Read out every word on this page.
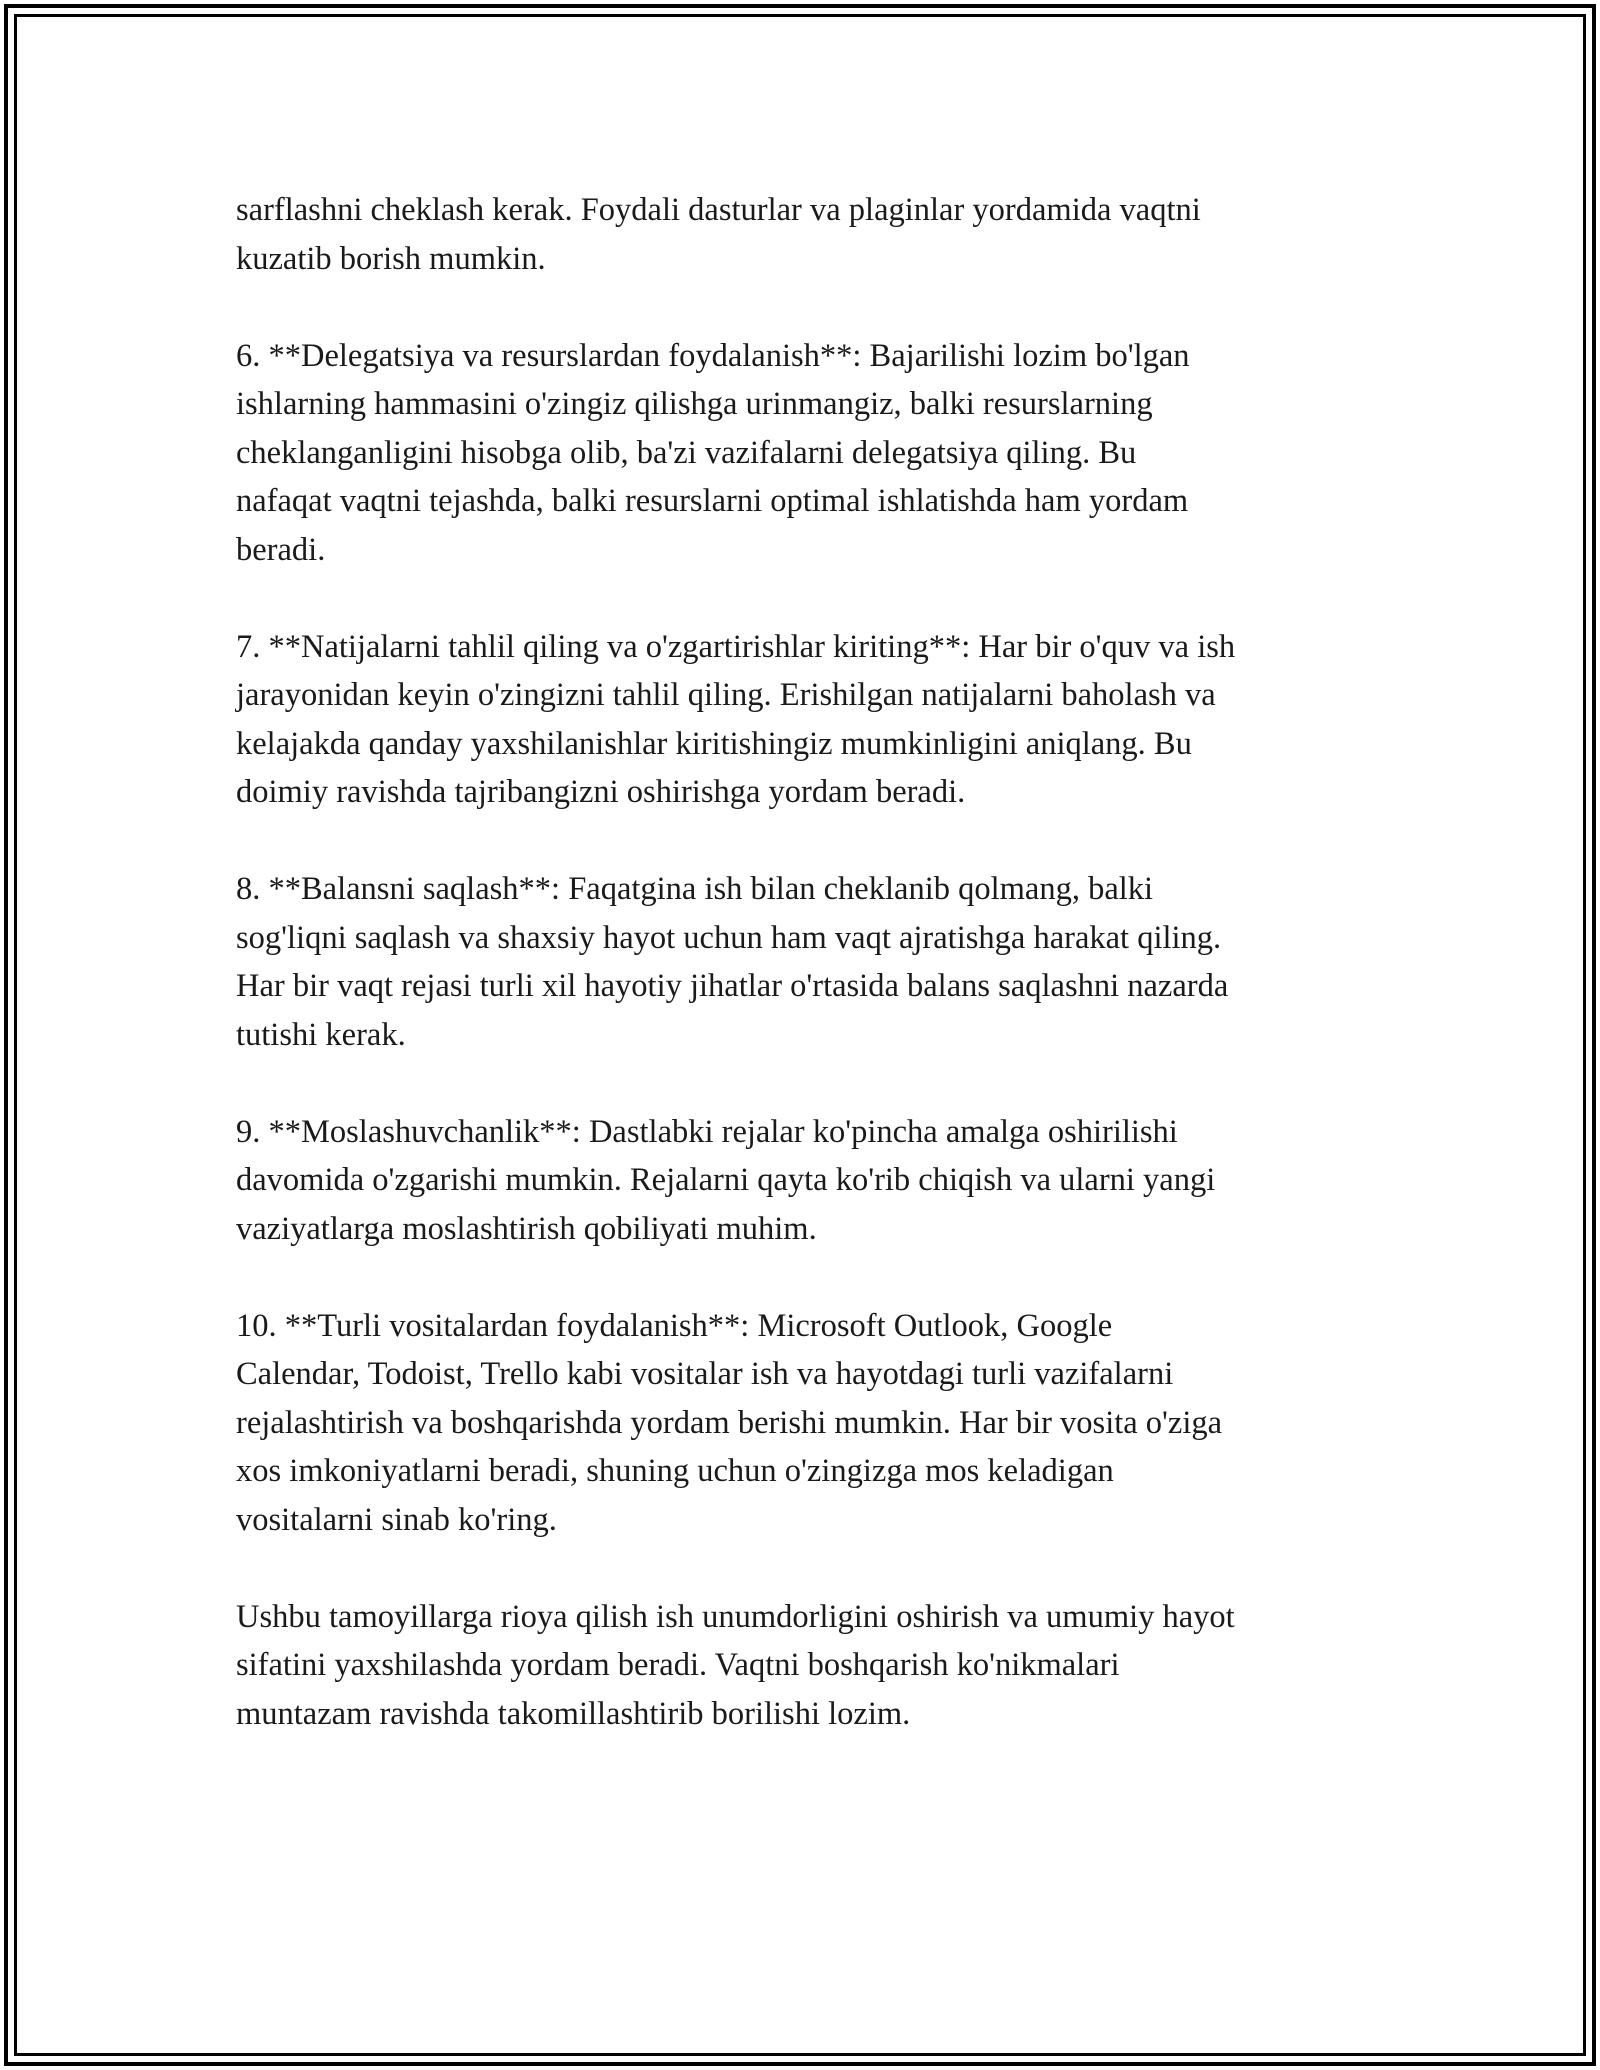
sarflashni cheklash kerak. Foydali dasturlar va plaginlar yordamida vaqtni
kuzatib borish mumkin.

6. **Delegatsiya va resurslardan foydalanish**: Bajarilishi lozim bo'lgan
ishlarning hammasini o'zingiz qilishga urinmangiz, balki resurslarning
cheklanganligini hisobga olib, ba'zi vazifalarni delegatsiya qiling. Bu
nafaqat vaqtni tejashda, balki resurslarni optimal ishlatishda ham yordam
beradi.

7. **Natijalarni tahlil qiling va o'zgartirishlar kiriting**: Har bir o'quv va ish
jarayonidan keyin o'zingizni tahlil qiling. Erishilgan natijalarni baholash va
kelajakda qanday yaxshilanishlar kiritishingiz mumkinligini aniqlang. Bu
doimiy ravishda tajribangizni oshirishga yordam beradi.

8. **Balansni saqlash**: Faqatgina ish bilan cheklanib qolmang, balki
sog'liqni saqlash va shaxsiy hayot uchun ham vaqt ajratishga harakat qiling.
Har bir vaqt rejasi turli xil hayotiy jihatlar o'rtasida balans saqlashni nazarda
tutishi kerak.

9. **Moslashuvchanlik**: Dastlabki rejalar ko'pincha amalga oshirilishi
davomida o'zgarishi mumkin. Rejalarni qayta ko'rib chiqish va ularni yangi
vaziyatlarga moslashtirish qobiliyati muhim.

10. **Turli vositalardan foydalanish**: Microsoft Outlook, Google
Calendar, Todoist, Trello kabi vositalar ish va hayotdagi turli vazifalarni
rejalashtirish va boshqarishda yordam berishi mumkin. Har bir vosita o'ziga
xos imkoniyatlarni beradi, shuning uchun o'zingizga mos keladigan
vositalarni sinab ko'ring.

Ushbu tamoyillarga rioya qilish ish unumdorligini oshirish va umumiy hayot
sifatini yaxshilashda yordam beradi. Vaqtni boshqarish ko'nikmalari
muntazam ravishda takomillashtirib borilishi lozim.
